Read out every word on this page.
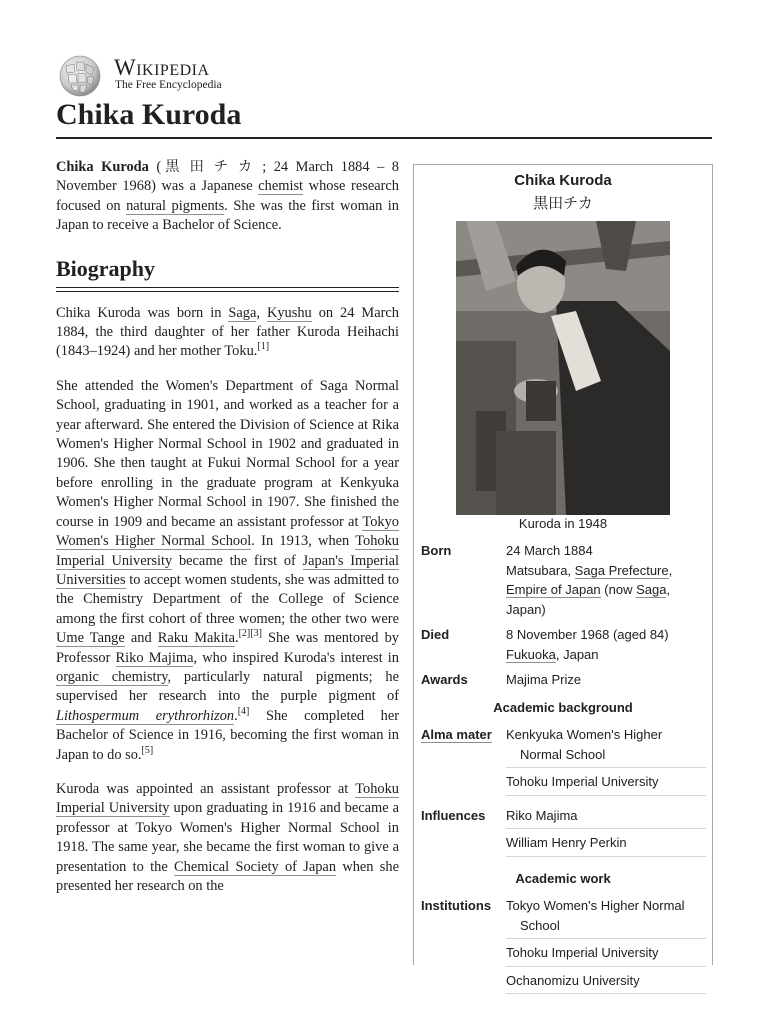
Wikipedia
The Free Encyclopedia
Chika Kuroda

Chika Kuroda (黒田チカ; 24 March 1884 – 8 November 1968) was a Japanese chemist whose research focused on natural pigments. She was the first woman in Japan to receive a Bachelor of Science.

Biography

Chika Kuroda was born in Saga, Kyushu on 24 March 1884, the third daughter of her father Kuroda Heihachi (1843–1924) and her mother Toku.[1]

She attended the Women's Department of Saga Normal School, graduating in 1901, and worked as a teacher for a year afterward. She entered the Division of Science at Rika Women's Higher Normal School in 1902 and graduated in 1906. She then taught at Fukui Normal School for a year before enrolling in the graduate program at Kenkyuka Women's Higher Normal School in 1907. She finished the course in 1909 and became an assistant professor at Tokyo Women's Higher Normal School. In 1913, when Tohoku Imperial University became the first of Japan's Imperial Universities to accept women students, she was admitted to the Chemistry Department of the College of Science among the first cohort of three women; the other two were Ume Tange and Raku Makita.[2][3] She was mentored by Professor Riko Majima, who inspired Kuroda's interest in organic chemistry, particularly natural pigments; he supervised her research into the purple pigment of Lithospermum erythrorhizon.[4] She completed her Bachelor of Science in 1916, becoming the first woman in Japan to do so.[5]

Kuroda was appointed an assistant professor at Tohoku Imperial University upon graduating in 1916 and became a professor at Tokyo Women's Higher Normal School in 1918. The same year, she became the first woman to give a presentation to the Chemical Society of Japan when she presented her research on the

Chika Kuroda
黒田チカ
Kuroda in 1948
Born	24 March 1884
Matsubara, Saga Prefecture,
Empire of Japan (now Saga,
Japan)
Died	8 November 1968 (aged 84)
Fukuoka, Japan
Awards	Majima Prize
Academic background
Alma mater	Kenkyuka Women's Higher Normal School
Tohoku Imperial University
Influences	Riko Majima
William Henry Perkin
Academic work
Institutions	Tokyo Women's Higher Normal School
Tohoku Imperial University
Ochanomizu University
